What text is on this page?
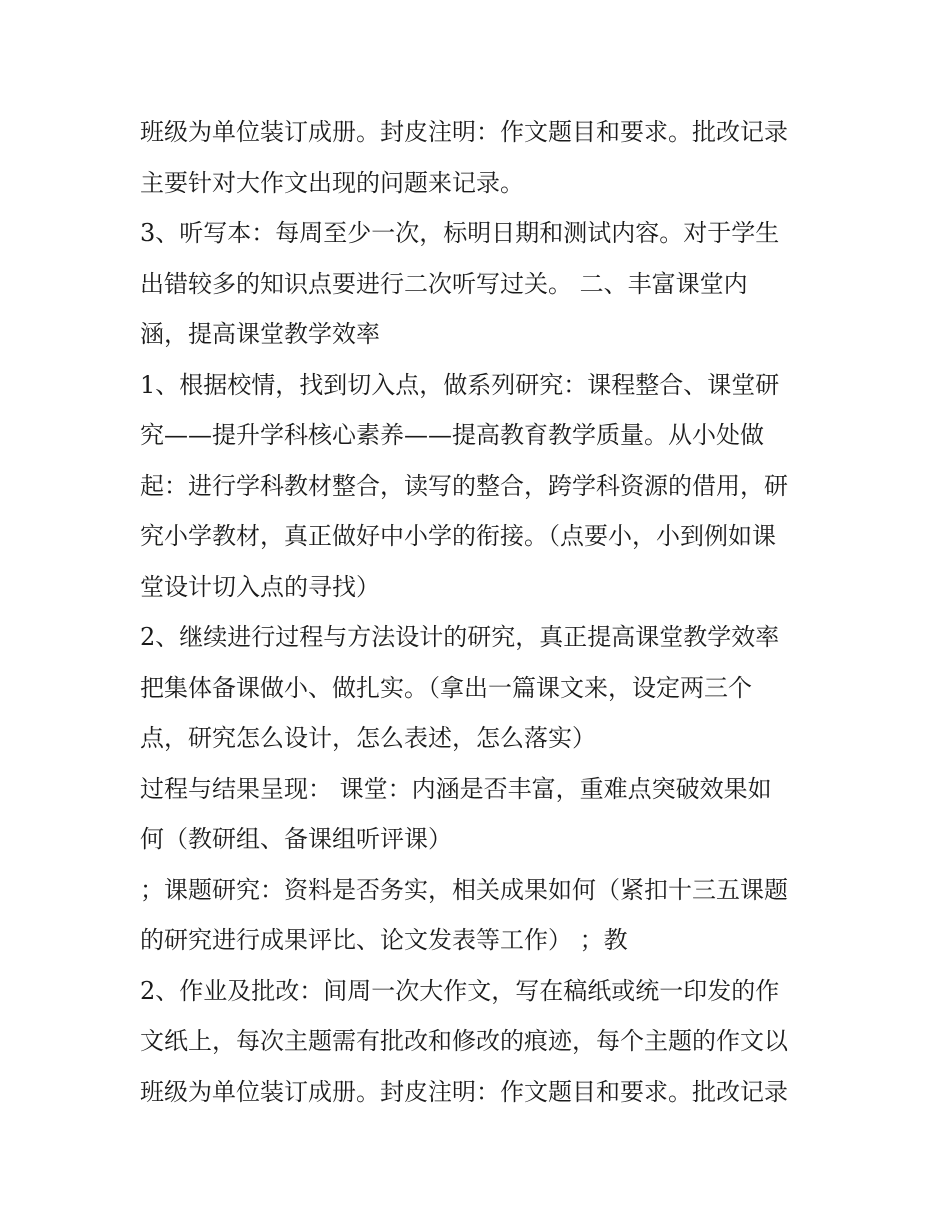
班级为单位装订成册。封皮注明：作文题目和要求。批改记录
主要针对大作文出现的问题来记录。
3、听写本：每周至少一次，标明日期和测试内容。对于学生
出错较多的知识点要进行二次听写过关。 二、丰富课堂内
涵，提高课堂教学效率
1、根据校情，找到切入点，做系列研究：课程整合、课堂研
究——提升学科核心素养——提高教育教学质量。从小处做
起：进行学科教材整合，读写的整合，跨学科资源的借用，研
究小学教材，真正做好中小学的衔接。（点要小，小到例如课
堂设计切入点的寻找）
2、继续进行过程与方法设计的研究，真正提高课堂教学效率
把集体备课做小、做扎实。（拿出一篇课文来，设定两三个
点，研究怎么设计，怎么表述，怎么落实）
过程与结果呈现： 课堂：内涵是否丰富，重难点突破效果如
何（教研组、备课组听评课）
；课题研究：资料是否务实，相关成果如何（紧扣十三五课题
的研究进行成果评比、论文发表等工作） ；教
2、作业及批改：间周一次大作文，写在稿纸或统一印发的作
文纸上，每次主题需有批改和修改的痕迹，每个主题的作文以
班级为单位装订成册。封皮注明：作文题目和要求。批改记录
